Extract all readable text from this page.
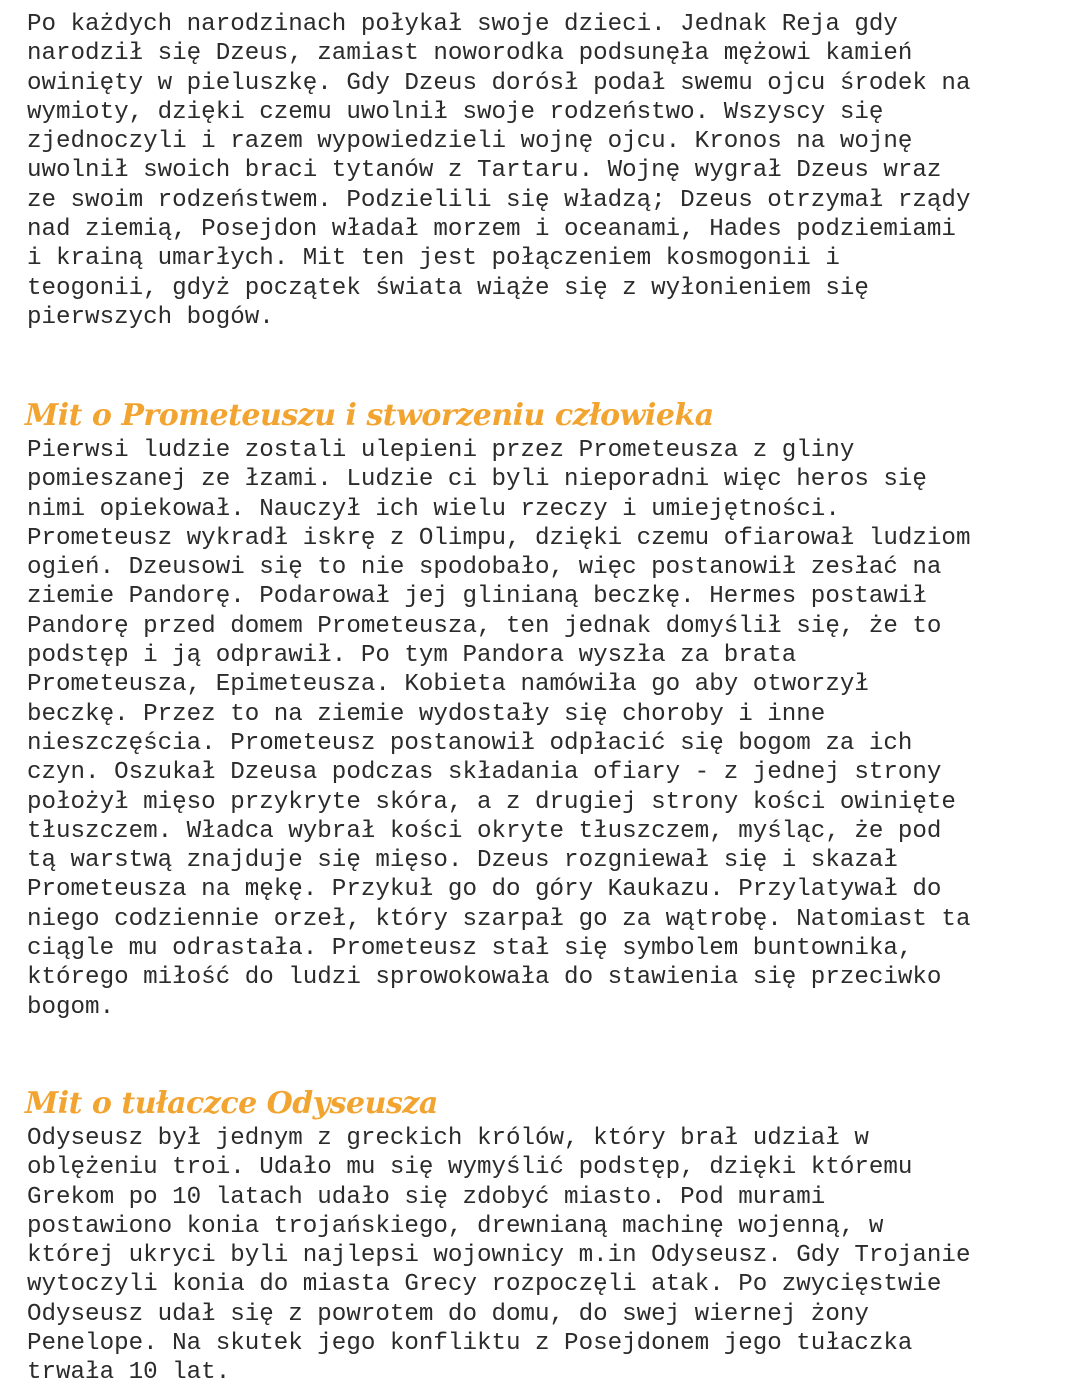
Po każdych narodzinach połykał swoje dzieci. Jednak Reja gdy
narodził się Dzeus, zamiast noworodka podsunęła mężowi kamień
owinięty w pieluszkę. Gdy Dzeus dorósł podał swemu ojcu środek na
wymioty, dzięki czemu uwolnił swoje rodzeństwo. Wszyscy się
zjednoczyli i razem wypowiedzieli wojnę ojcu. Kronos na wojnę
uwolnił swoich braci tytanów z Tartaru. Wojnę wygrał Dzeus wraz
ze swoim rodzeństwem. Podzielili się władzą; Dzeus otrzymał rządy
nad ziemią, Posejdon władał morzem i oceanami, Hades podziemiami
i krainą umarłych. Mit ten jest połączeniem kosmogonii i
teogonii, gdyż początek świata wiąże się z wyłonieniem się
pierwszych bogów.
Mit o Prometeuszu i stworzeniu człowieka
Pierwsi ludzie zostali ulepieni przez Prometeusza z gliny
pomieszanej ze łzami. Ludzie ci byli nieporadni więc heros się
nimi opiekował. Nauczył ich wielu rzeczy i umiejętności.
Prometeusz wykradł iskrę z Olimpu, dzięki czemu ofiarował ludziom
ogień. Dzeusowi się to nie spodobało, więc postanowił zesłać na
ziemie Pandorę. Podarował jej glinianą beczkę. Hermes postawił
Pandorę przed domem Prometeusza, ten jednak domyślił się, że to
podstęp i ją odprawił. Po tym Pandora wyszła za brata
Prometeusza, Epimeteusza. Kobieta namówiła go aby otworzył
beczkę. Przez to na ziemie wydostały się choroby i inne
nieszczęścia. Prometeusz postanowił odpłacić się bogom za ich
czyn. Oszukał Dzeusa podczas składania ofiary - z jednej strony
położył mięso przykryte skóra, a z drugiej strony kości owinięte
tłuszczem. Władca wybrał kości okryte tłuszczem, myśląc, że pod
tą warstwą znajduje się mięso. Dzeus rozgniewał się i skazał
Prometeusza na mękę. Przykuł go do góry Kaukazu. Przylatywał do
niego codziennie orzeł, który szarpał go za wątrobę. Natomiast ta
ciągle mu odrastała. Prometeusz stał się symbolem buntownika,
którego miłość do ludzi sprowokowała do stawienia się przeciwko
bogom.
Mit o tułaczce Odyseusza
Odyseusz był jednym z greckich królów, który brał udział w
oblężeniu troi. Udało mu się wymyślić podstęp, dzięki któremu
Grekom po 10 latach udało się zdobyć miasto. Pod murami
postawiono konia trojańskiego, drewnianą machinę wojenną, w
której ukryci byli najlepsi wojownicy m.in Odyseusz. Gdy Trojanie
wytoczyli konia do miasta Grecy rozpoczęli atak. Po zwycięstwie
Odyseusz udał się z powrotem do domu, do swej wiernej żony
Penelope. Na skutek jego konfliktu z Posejdonem jego tułaczka
trwała 10 lat.
